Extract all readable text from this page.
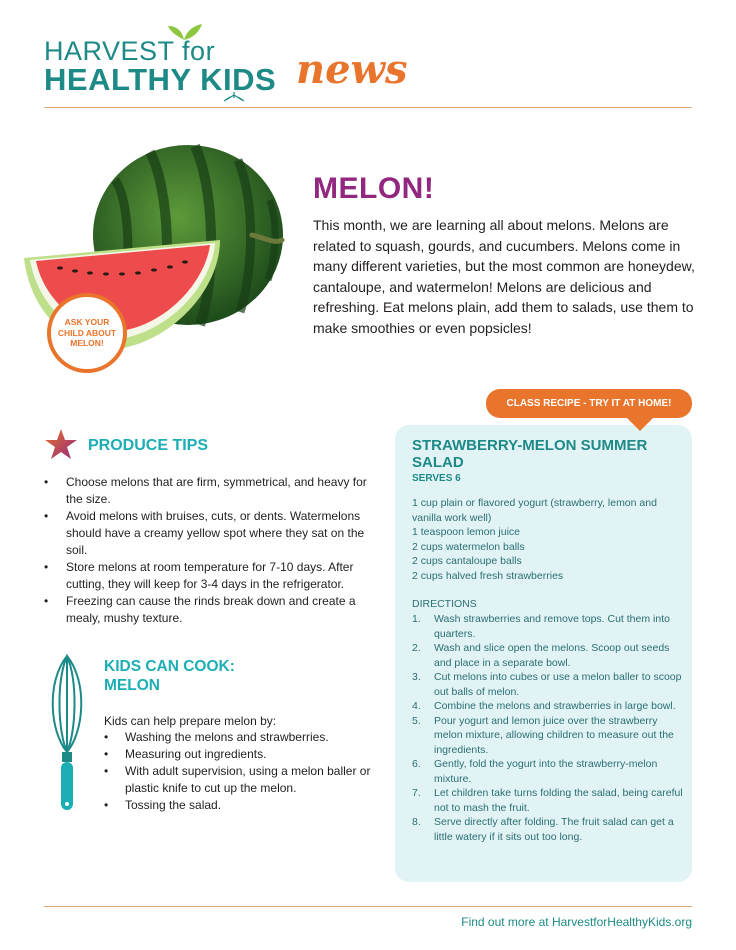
HARVEST for
HEALTHY KIDS news
ASK YOUR CHILD ABOUT MELON!
MELON!

This month, we are learning all about melons. Melons are related to squash, gourds, and cucumbers. Melons come in many different varieties, but the most common are honeydew, cantaloupe, and watermelon! Melons are delicious and refreshing. Eat melons plain, add them to salads, use them to make smoothies or even popsicles!

PRODUCE TIPS
• Choose melons that are firm, symmetrical, and heavy for the size.
• Avoid melons with bruises, cuts, or dents. Watermelons should have a creamy yellow spot where they sat on the soil.
• Store melons at room temperature for 7-10 days. After cutting, they will keep for 3-4 days in the refrigerator.
• Freezing can cause the rinds break down and create a mealy, mushy texture.
KIDS CAN COOK:
MELON
Kids can help prepare melon by:
• Washing the melons and strawberries.
• Measuring out ingredients.
• With adult supervision, using a melon baller or plastic knife to cut up the melon.
• Tossing the salad.
CLASS RECIPE - TRY IT AT HOME!
STRAWBERRY-MELON SUMMER SALAD
SERVES 6
1 cup plain or flavored yogurt (strawberry, lemon and vanilla work well)
1 teaspoon lemon juice
2 cups watermelon balls
2 cups cantaloupe balls
2 cups halved fresh strawberries
DIRECTIONS
1. Wash strawberries and remove tops. Cut them into quarters.
2. Wash and slice open the melons. Scoop out seeds and place in a separate bowl.
3. Cut melons into cubes or use a melon baller to scoop out balls of melon.
4. Combine the melons and strawberries in large bowl.
5. Pour yogurt and lemon juice over the strawberry melon mixture, allowing children to measure out the ingredients.
6. Gently, fold the yogurt into the strawberry-melon mixture.
7. Let children take turns folding the salad, being careful not to mash the fruit.
8. Serve directly after folding. The fruit salad can get a little watery if it sits out too long.
Find out more at HarvestforHealthyKids.org
